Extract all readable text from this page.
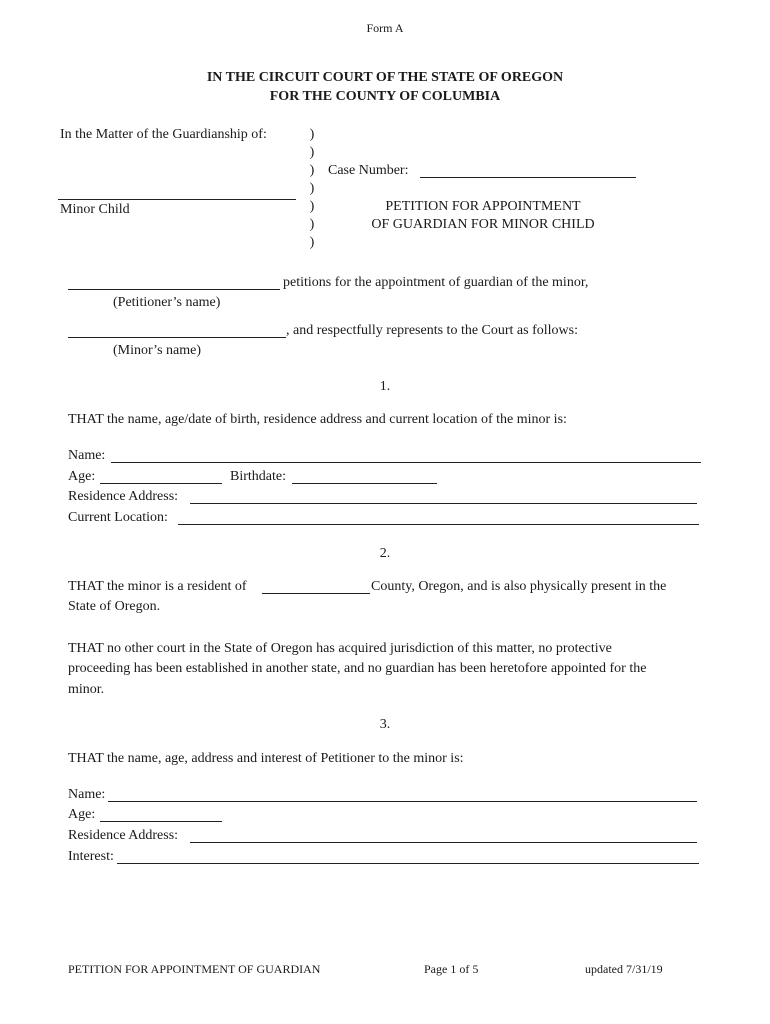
Form A
IN THE CIRCUIT COURT OF THE STATE OF OREGON
FOR THE COUNTY OF COLUMBIA
In the Matter of the Guardianship of:
Minor Child
)
)
)
)
)
)
)
Case Number:
PETITION FOR APPOINTMENT
OF GUARDIAN FOR MINOR CHILD
petitions for the appointment of guardian of the minor,
(Petitioner’s name)
, and respectfully represents to the Court as follows:
(Minor’s name)
1.
THAT the name, age/date of birth, residence address and current location of the minor is:
Name:
Age:	Birthdate:
Residence Address:
Current Location:
2.
THAT the minor is a resident of	County, Oregon, and is also physically present in the
State of Oregon.
THAT no other court in the State of Oregon has acquired jurisdiction of this matter, no protective
proceeding has been established in another state, and no guardian has been heretofore appointed for the
minor.
3.
THAT the name, age, address and interest of Petitioner to the minor is:
Name:
Age:
Residence Address:
Interest:
PETITION FOR APPOINTMENT OF GUARDIAN	Page 1 of 5	updated 7/31/19
